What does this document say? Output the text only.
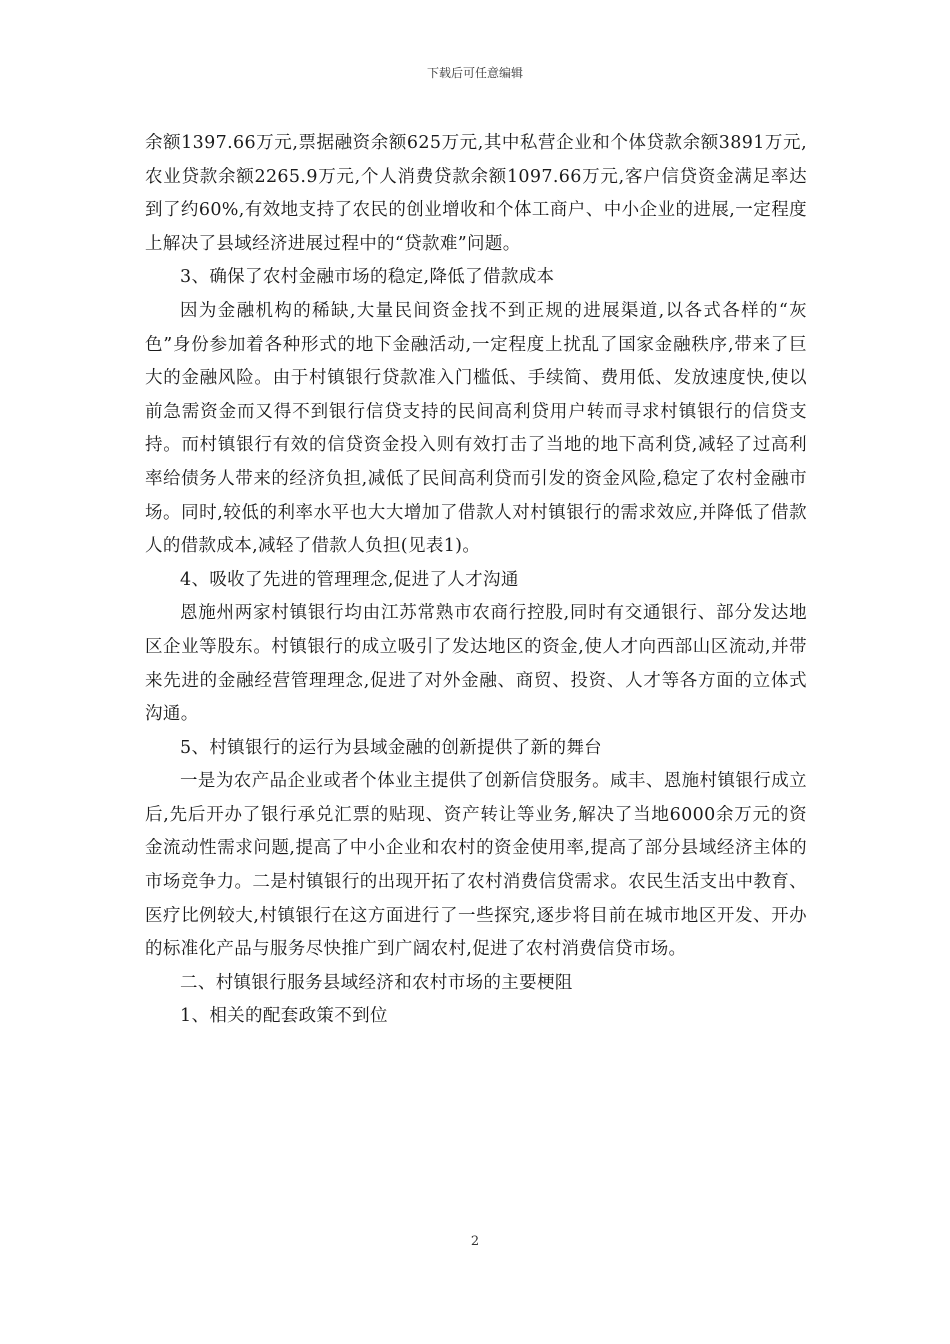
下载后可任意编辑

余额1397.66万元,票据融资余额625万元,其中私营企业和个体贷款余额3891万元,农业贷款余额2265.9万元,个人消费贷款余额1097.66万元,客户信贷资金满足率达到了约60%,有效地支持了农民的创业增收和个体工商户、中小企业的进展,一定程度上解决了县域经济进展过程中的“贷款难”问题。

3、确保了农村金融市场的稳定,降低了借款成本

因为金融机构的稀缺,大量民间资金找不到正规的进展渠道,以各式各样的“灰色”身份参加着各种形式的地下金融活动,一定程度上扰乱了国家金融秩序,带来了巨大的金融风险。由于村镇银行贷款准入门槛低、手续简、费用低、发放速度快,使以前急需资金而又得不到银行信贷支持的民间高利贷用户转而寻求村镇银行的信贷支持。而村镇银行有效的信贷资金投入则有效打击了当地的地下高利贷,减轻了过高利率给债务人带来的经济负担,减低了民间高利贷而引发的资金风险,稳定了农村金融市场。同时,较低的利率水平也大大增加了借款人对村镇银行的需求效应,并降低了借款人的借款成本,减轻了借款人负担(见表1)。

4、吸收了先进的管理理念,促进了人才沟通

恩施州两家村镇银行均由江苏常熟市农商行控股,同时有交通银行、部分发达地区企业等股东。村镇银行的成立吸引了发达地区的资金,使人才向西部山区流动,并带来先进的金融经营管理理念,促进了对外金融、商贸、投资、人才等各方面的立体式沟通。

5、村镇银行的运行为县域金融的创新提供了新的舞台

一是为农产品企业或者个体业主提供了创新信贷服务。咸丰、恩施村镇银行成立后,先后开办了银行承兑汇票的贴现、资产转让等业务,解决了当地6000余万元的资金流动性需求问题,提高了中小企业和农村的资金使用率,提高了部分县域经济主体的市场竞争力。二是村镇银行的出现开拓了农村消费信贷需求。农民生活支出中教育、医疗比例较大,村镇银行在这方面进行了一些探究,逐步将目前在城市地区开发、开办的标准化产品与服务尽快推广到广阔农村,促进了农村消费信贷市场。

二、村镇银行服务县域经济和农村市场的主要梗阻

1、相关的配套政策不到位

2
